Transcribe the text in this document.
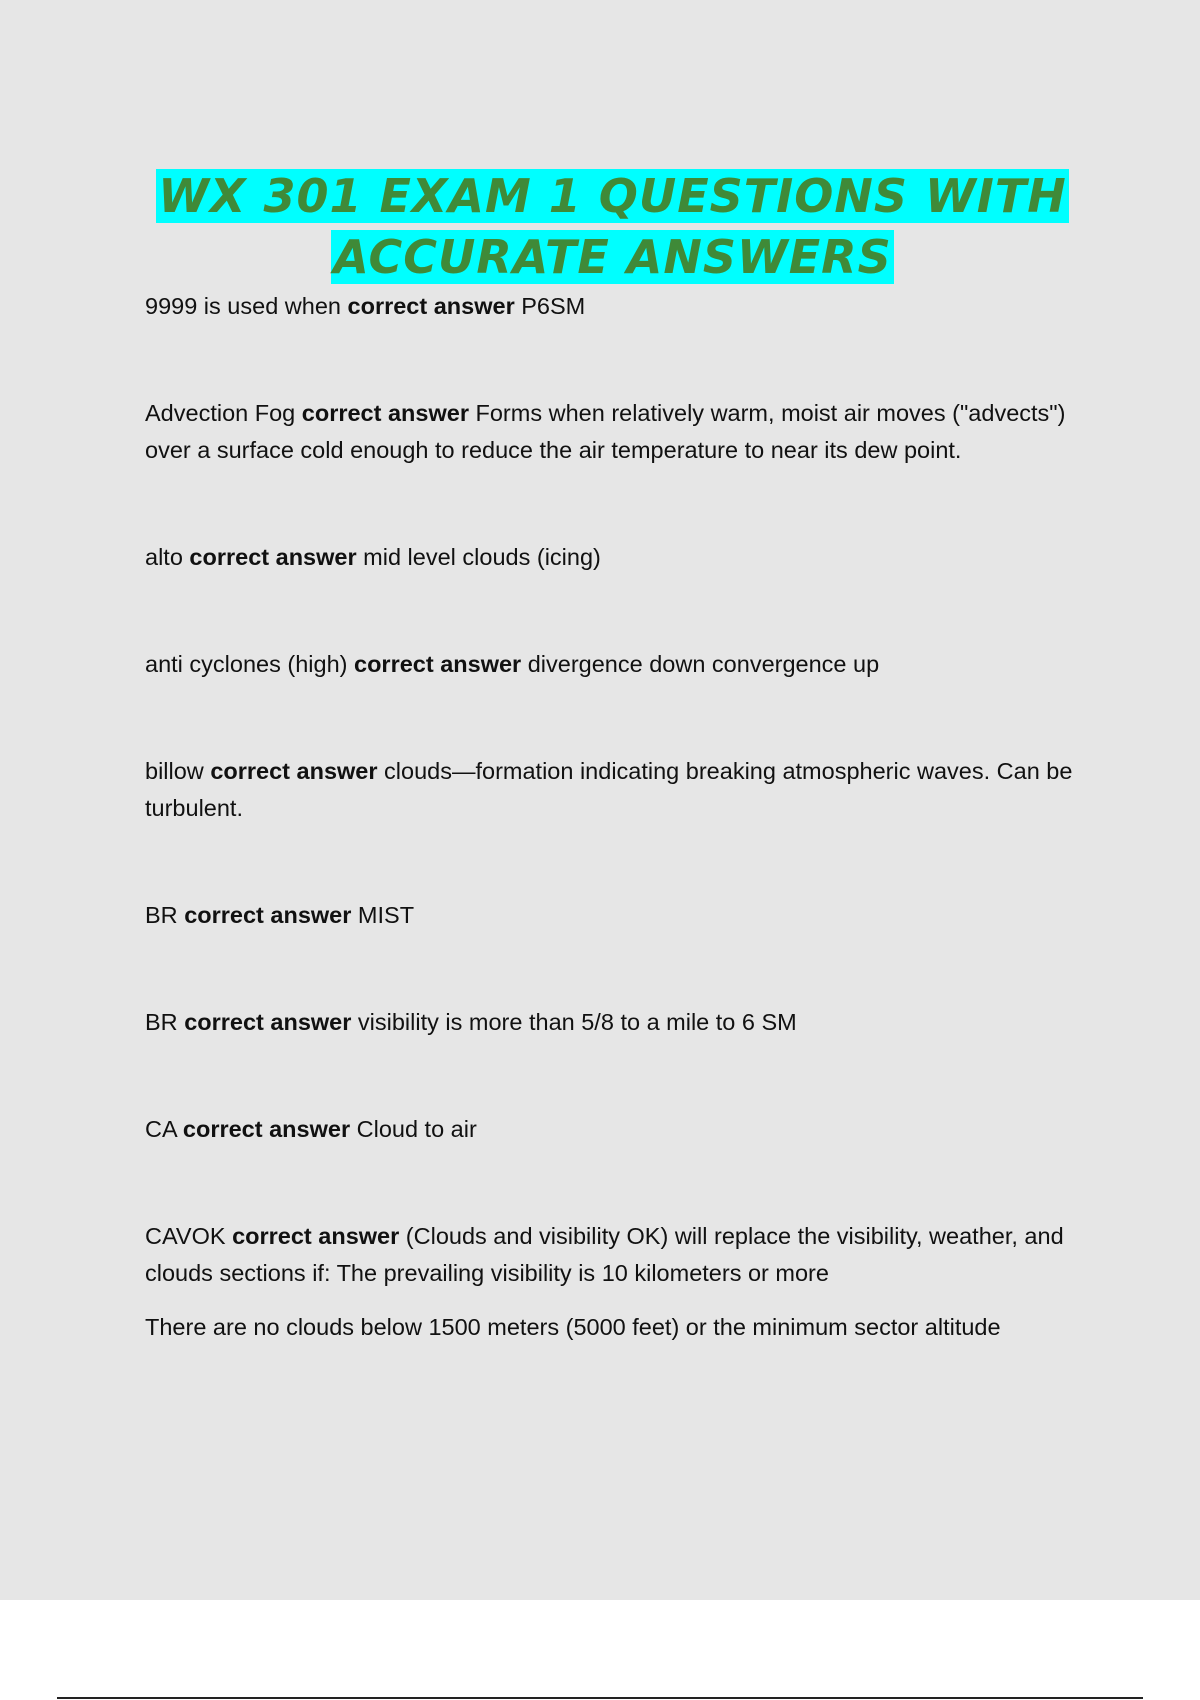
WX 301 EXAM 1 QUESTIONS WITH
ACCURATE ANSWERS

9999 is used when correct answer P6SM

Advection Fog correct answer Forms when relatively warm, moist air moves ("advects") over a surface cold enough to reduce the air temperature to near its dew point.

alto correct answer mid level clouds (icing)

anti cyclones (high) correct answer divergence down convergence up

billow correct answer clouds—formation indicating breaking atmospheric waves. Can be turbulent.

BR correct answer MIST

BR correct answer visibility is more than 5/8 to a mile to 6 SM

CA correct answer Cloud to air

CAVOK correct answer (Clouds and visibility OK) will replace the visibility, weather, and clouds sections if: The prevailing visibility is 10 kilometers or more

There are no clouds below 1500 meters (5000 feet) or the minimum sector altitude
